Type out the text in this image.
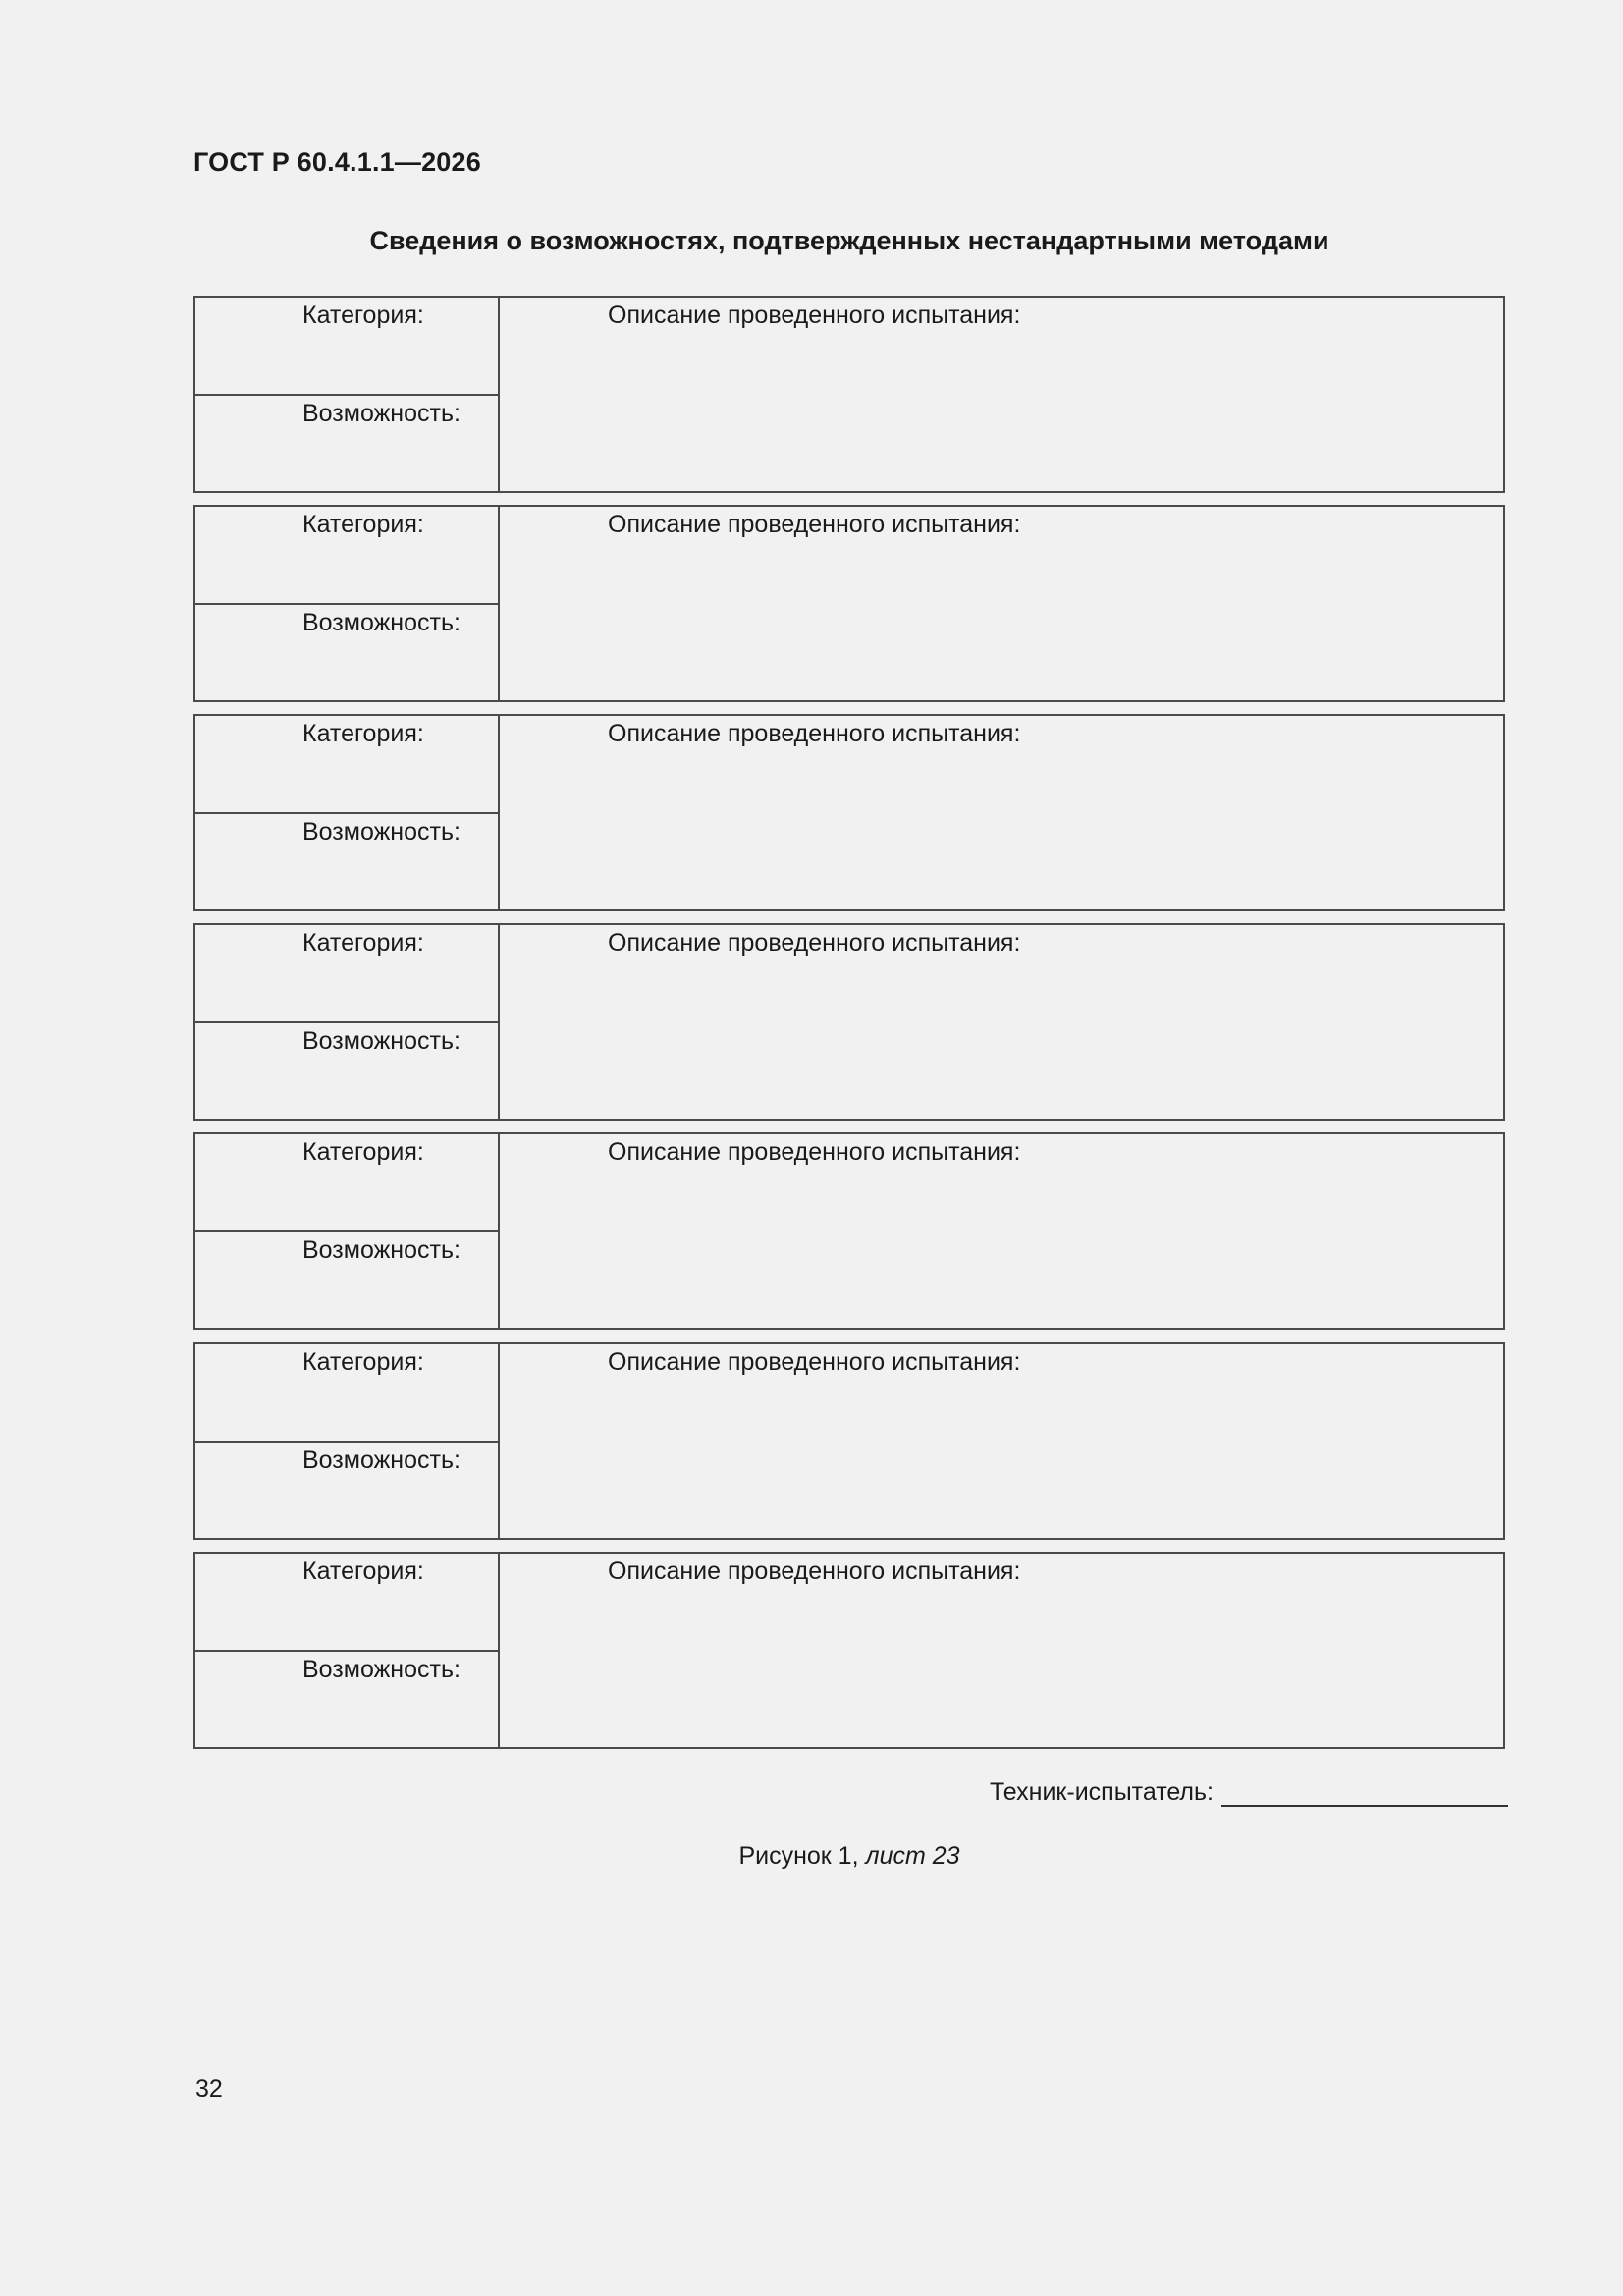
ГОСТ Р 60.4.1.1—2026
Сведения о возможностях, подтвержденных нестандартными методами
Категория:
Возможность:
Описание проведенного испытания:
Категория:
Возможность:
Описание проведенного испытания:
Категория:
Возможность:
Описание проведенного испытания:
Категория:
Возможность:
Описание проведенного испытания:
Категория:
Возможность:
Описание проведенного испытания:
Категория:
Возможность:
Описание проведенного испытания:
Категория:
Возможность:
Описание проведенного испытания:
Техник-испытатель:
Рисунок 1, лист 23
32
